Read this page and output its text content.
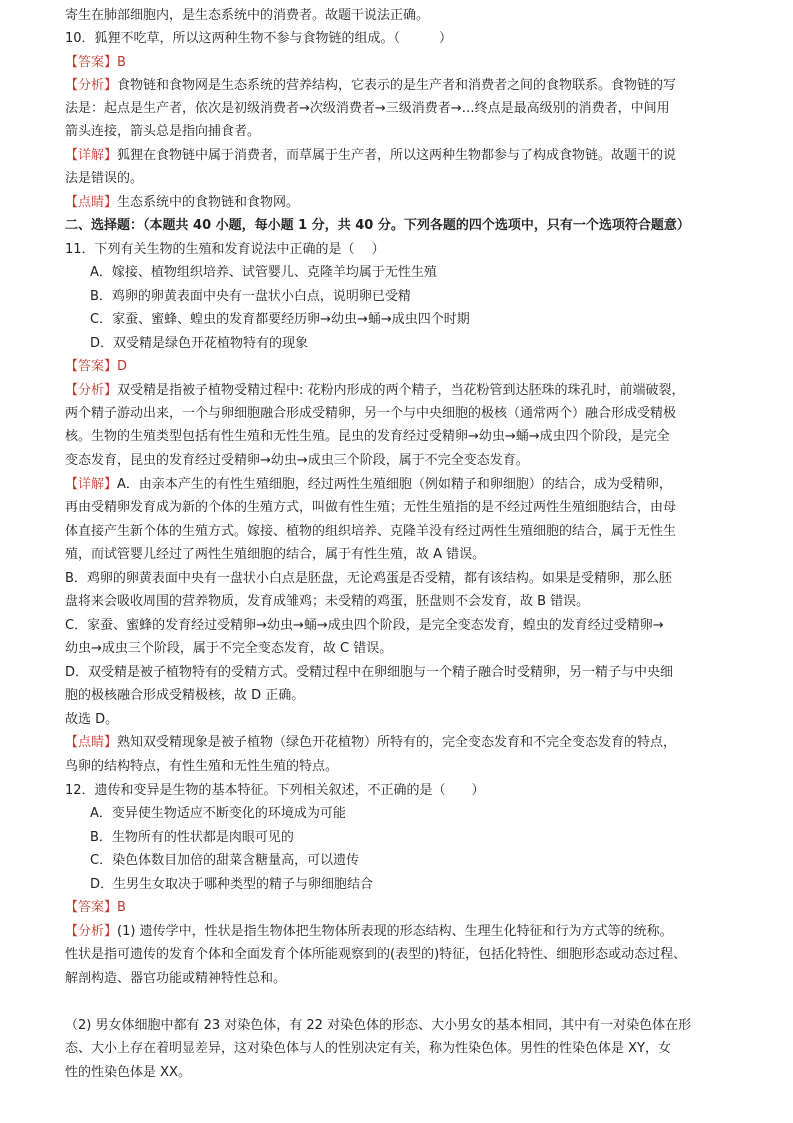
寄生在肺部细胞内，是生态系统中的消费者。故题干说法正确。
10．狐狸不吃草，所以这两种生物不参与食物链的组成。（　　　）
【答案】B
【分析】食物链和食物网是生态系统的营养结构，它表示的是生产者和消费者之间的食物联系。食物链的写
法是：起点是生产者，依次是初级消费者→次级消费者→三级消费者→…终点是最高级别的消费者，中间用
箭头连接，箭头总是指向捕食者。
【详解】狐狸在食物链中属于消费者，而草属于生产者，所以这两种生物都参与了构成食物链。故题干的说
法是错误的。
【点睛】生态系统中的食物链和食物网。
二、选择题：（本题共 40 小题，每小题 1 分，共 40 分。下列各题的四个选项中，只有一个选项符合题意）
11．下列有关生物的生殖和发育说法中正确的是（　 ）
A．嫁接、植物组织培养、试管婴儿、克隆羊均属于无性生殖
B．鸡卵的卵黄表面中央有一盘状小白点，说明卵已受精
C．家蚕、蜜蜂、蝗虫的发育都要经历卵→幼虫→蛹→成虫四个时期
D．双受精是绿色开花植物特有的现象
【答案】D
【分析】双受精是指被子植物受精过程中: 花粉内形成的两个精子，当花粉管到达胚珠的珠孔时，前端破裂，
两个精子游动出来，一个与卵细胞融合形成受精卵，另一个与中央细胞的极核（通常两个）融合形成受精极
核。生物的生殖类型包括有性生殖和无性生殖。昆虫的发育经过受精卵→幼虫→蛹→成虫四个阶段，是完全
变态发育，昆虫的发育经过受精卵→幼虫→成虫三个阶段，属于不完全变态发育。
【详解】A．由亲本产生的有性生殖细胞，经过两性生殖细胞（例如精子和卵细胞）的结合，成为受精卵，
再由受精卵发育成为新的个体的生殖方式，叫做有性生殖；无性生殖指的是不经过两性生殖细胞结合，由母
体直接产生新个体的生殖方式。嫁接、植物的组织培养、克隆羊没有经过两性生殖细胞的结合，属于无性生
殖，而试管婴儿经过了两性生殖细胞的结合，属于有性生殖，故 A 错误。
B．鸡卵的卵黄表面中央有一盘状小白点是胚盘，无论鸡蛋是否受精，都有该结构。如果是受精卵，那么胚
盘将来会吸收周围的营养物质，发育成雏鸡；未受精的鸡蛋，胚盘则不会发育，故 B 错误。
C．家蚕、蜜蜂的发育经过受精卵→幼虫→蛹→成虫四个阶段，是完全变态发育，蝗虫的发育经过受精卵→
幼虫→成虫三个阶段，属于不完全变态发育，故 C 错误。
D．双受精是被子植物特有的受精方式。受精过程中在卵细胞与一个精子融合时受精卵，另一精子与中央细
胞的极核融合形成受精极核，故 D 正确。
故选 D。
【点睛】熟知双受精现象是被子植物（绿色开花植物）所特有的，完全变态发育和不完全变态发育的特点，
鸟卵的结构特点，有性生殖和无性生殖的特点。
12．遗传和变异是生物的基本特征。下列相关叙述，不正确的是（　　）
A．变异使生物适应不断变化的环境成为可能
B．生物所有的性状都是肉眼可见的
C．染色体数目加倍的甜菜含糖量高，可以遗传
D．生男生女取决于哪种类型的精子与卵细胞结合
【答案】B
【分析】(1) 遗传学中，性状是指生物体把生物体所表现的形态结构、生理生化特征和行为方式等的统称。
性状是指可遗传的发育个体和全面发育个体所能观察到的(表型的)特征，包括化特性、细胞形态或动态过程、
解剖构造、器官功能或精神特性总和。
（2) 男女体细胞中都有 23 对染色体，有 22 对染色体的形态、大小男女的基本相同，其中有一对染色体在形
态、大小上存在着明显差异，这对染色体与人的性别决定有关，称为性染色体。男性的性染色体是 XY，女
性的性染色体是 XX。
